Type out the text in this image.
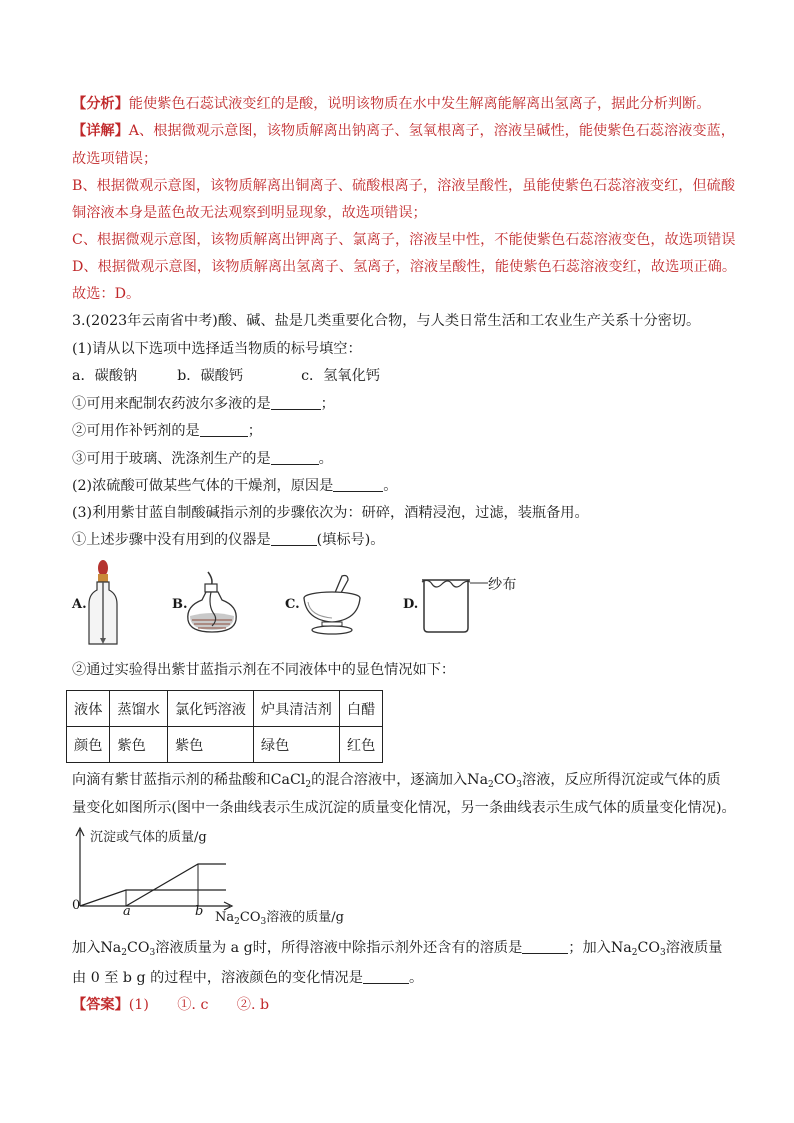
【分析】能使紫色石蕊试液变红的是酸，说明该物质在水中发生解离能解离出氢离子，据此分析判断。
【详解】A、根据微观示意图，该物质解离出钠离子、氢氧根离子，溶液呈碱性，能使紫色石蕊溶液变蓝，
故选项错误；
B、根据微观示意图，该物质解离出铜离子、硫酸根离子，溶液呈酸性，虽能使紫色石蕊溶液变红，但硫酸
铜溶液本身是蓝色故无法观察到明显现象，故选项错误；
C、根据微观示意图，该物质解离出钾离子、氯离子，溶液呈中性，不能使紫色石蕊溶液变色，故选项错误
D、根据微观示意图，该物质解离出氢离子、氢离子，溶液呈酸性，能使紫色石蕊溶液变红，故选项正确。
故选：D。
3.(2023年云南省中考)酸、碱、盐是几类重要化合物，与人类日常生活和工农业生产关系十分密切。
(1)请从以下选项中选择适当物质的标号填空：
a．碳酸钠	b．碳酸钙	c．氢氧化钙
①可用来配制农药波尔多液的是	；
②可用作补钙剂的是	；
③可用于玻璃、洗涤剂生产的是	。
(2)浓硫酸可做某些气体的干燥剂，原因是	。
(3)利用紫甘蓝自制酸碱指示剂的步骤依次为：研碎，酒精浸泡，过滤，装瓶备用。
①上述步骤中没有用到的仪器是	(填标号)。
A.	B.	C.	D.
纱布
②通过实验得出紫甘蓝指示剂在不同液体中的显色情况如下：
液体	蒸馏水	氯化钙溶液	炉具清洁剂	白醋
颜色	紫色	紫色	绿色	红色
向滴有紫甘蓝指示剂的稀盐酸和CaCl$_2$的混合溶液中，逐滴加入$Na_2CO_3$溶液，反应所得沉淀或气体的质
量变化如图所示(图中一条曲线表示生成沉淀的质量变化情况，另一条曲线表示生成气体的质量变化情况)。
沉淀或气体的质量/g
0	a	b $Na_2CO_3$溶液的质量/g
加入$Na_2CO_3$溶液质量为 a g时，所得溶液中除指示剂外还含有的溶质是	；加入$Na_2CO_3$溶液质量
由 0 至 b g 的过程中，溶液颜色的变化情况是	。
【答案】(1)　　①. c　　②. b
